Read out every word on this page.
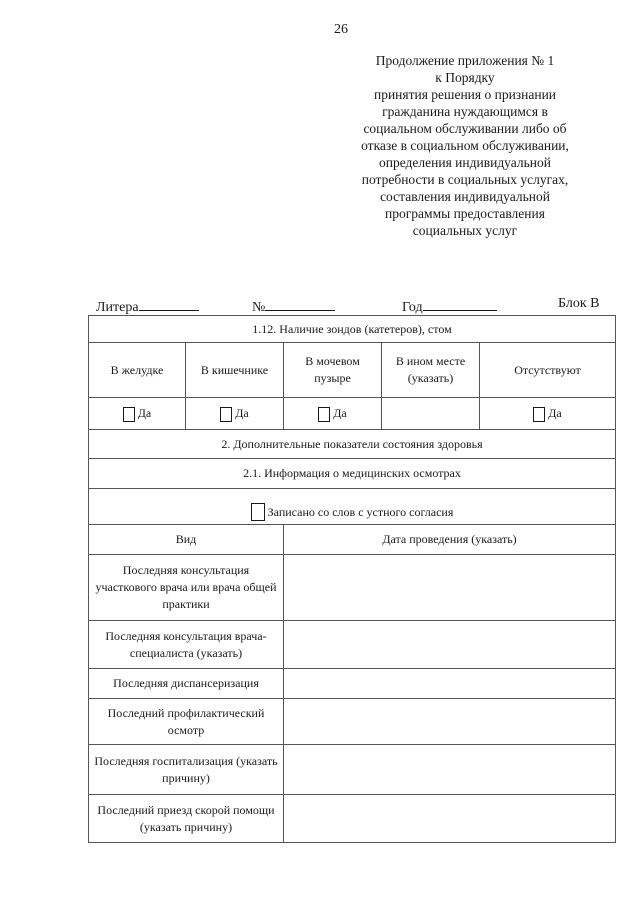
26
Продолжение приложения № 1
к Порядку
принятия решения о признании
гражданина нуждающимся в
социальном обслуживании либо об
отказе в социальном обслуживании,
определения индивидуальной
потребности в социальных услугах,
составления индивидуальной
программы предоставления
социальных услуг
Литера	№	Год	Блок В
1.12. Наличие зондов (катетеров), стом				
В желудке	В кишечнике	В мочевом пузыре	В ином месте (указать)	Отсутствуют
Да	Да	Да		Да
2. Дополнительные показатели состояния здоровья				
2.1. Информация о медицинских осмотрах				
Записано со слов с устного согласия				
Вид		Дата проведения (указать)		
Последняя консультация участкового врача или врача общей практики				
Последняя консультация врача-специалиста (указать)				
Последняя диспансеризация				
Последний профилактический осмотр				
Последняя госпитализация (указать причину)				
Последний приезд скорой помощи (указать причину)				
